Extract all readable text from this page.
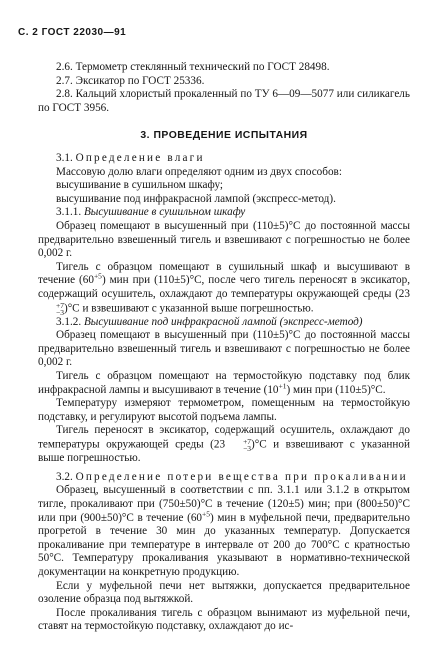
С. 2 ГОСТ 22030—91

2.6. Термометр стеклянный технический по ГОСТ 28498.

2.7. Эксикатор по ГОСТ 25336.

2.8. Кальций хлористый прокаленный по ТУ 6—09—5077 или силикагель по ГОСТ 3956.

3. ПРОВЕДЕНИЕ ИСПЫТАНИЯ

3.1. Определение влаги

Массовую долю влаги определяют одним из двух способов:

высушивание в сушильном шкафу;

высушивание под инфракрасной лампой (экспресс-метод).

3.1.1. Высушивание в сушильном шкафу

Образец помещают в высушенный при (110±5)°С до постоянной массы предварительно взвешенный тигель и взвешивают с погрешностью не более 0,002 г.

Тигель с образцом помещают в сушильный шкаф и высушивают в течение $(60^{+5})$ мин при (110±5)°С, после чего тигель переносят в эксикатор, содержащий осушитель, охлаждают до температуры окружающей среды (23
+7
−3 )°С и взвешивают с указанной выше погрешностью.

3.1.2. Высушивание под инфракрасной лампой (экспресс-метод)

Образец помещают в высушенный при (110±5)°С до постоянной массы предварительно взвешенный тигель и взвешивают с погрешностью не более 0,002 г.

Тигель с образцом помещают на термостойкую подставку под блик инфракрасной лампы и высушивают в течение $(10^{+1})$ мин при (110±5)°С.

Температуру измеряют термометром, помещенным на термостойкую подставку, и регулируют высотой подъема лампы.

Тигель переносят в эксикатор, содержащий осушитель, охлаждают до температуры окружающей среды (23	+7
−3 )°С и взвешивают с указанной выше погрешностью.

3.2. Определение потери вещества при прокаливании

Образец, высушенный в соответствии с пп. 3.1.1 или 3.1.2 в открытом тигле, прокаливают при (750±50)°С в течение (120±5) мин; при (800±50)°С или при (900±50)°С в течение $(60^{+5})$ мин в муфельной печи, предварительно прогретой в течение 30 мин до указанных температур. Допускается прокаливание при температуре в интервале от 200 до 700°С с кратностью 50°С. Температуру прокаливания указывают в нормативно-технической документации на конкретную продукцию.

Если у муфельной печи нет вытяжки, допускается предварительное озоление образца под вытяжкой.

После прокаливания тигель с образцом вынимают из муфельной печи, ставят на термостойкую подставку, охлаждают до ис-
